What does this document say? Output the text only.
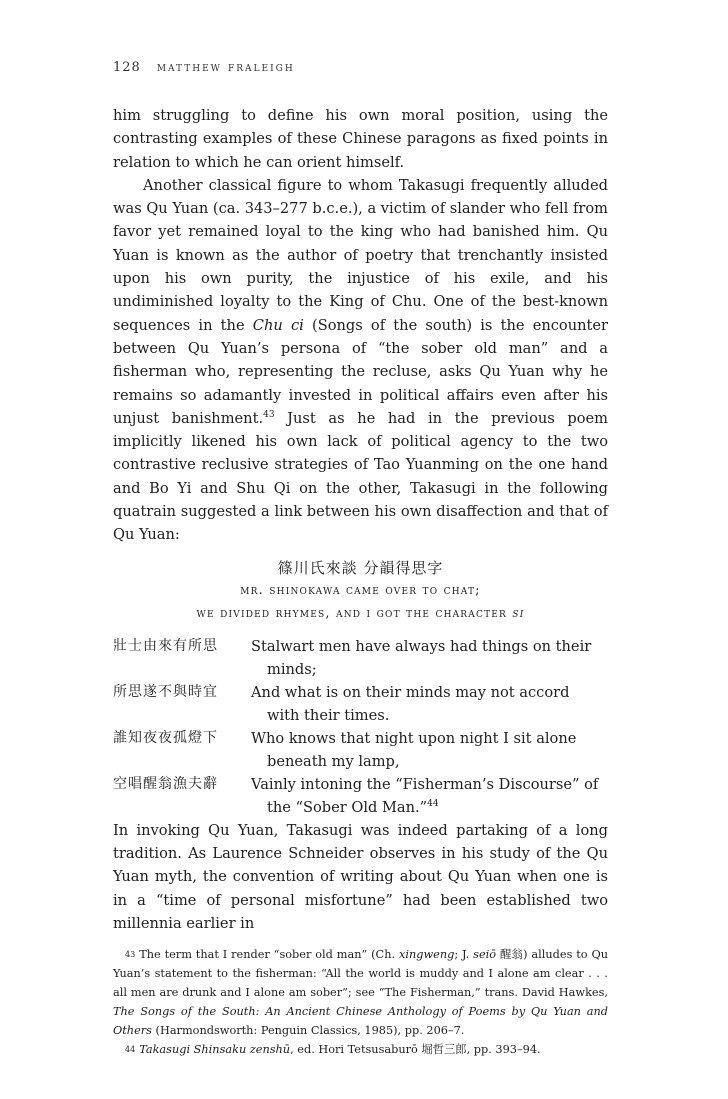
128 matthew fraleigh

him struggling to define his own moral position, using the contrasting examples of these Chinese paragons as fixed points in relation to which he can orient himself.

Another classical figure to whom Takasugi frequently alluded was Qu Yuan (ca. 343–277 b.c.e.), a victim of slander who fell from favor yet remained loyal to the king who had banished him. Qu Yuan is known as the author of poetry that trenchantly insisted upon his own purity, the injustice of his exile, and his undiminished loyalty to the King of Chu. One of the best-known sequences in the Chu ci (Songs of the south) is the encounter between Qu Yuan’s persona of “the sober old man” and a fisherman who, representing the recluse, asks Qu Yuan why he remains so adamantly invested in political affairs even after his unjust banishment.$^{43}$ Just as he had in the previous poem implicitly likened his own lack of political agency to the two contrastive reclusive strategies of Tao Yuanming on the one hand and Bo Yi and Shu Qi on the other, Takasugi in the following quatrain suggested a link between his own disaffection and that of Qu Yuan:

篠川氏來談 分韻得思字
mr. shinokawa came over to chat;
we divided rhymes, and i got the character si
壯士由來有所思	Stalwart men have always had things on their
minds;
所思遂不與時宜	And what is on their minds may not accord
with their times.
誰知夜夜孤燈下	Who knows that night upon night I sit alone
beneath my lamp,
空唱醒翁漁夫辭	Vainly intoning the “Fisherman’s Discourse” of
the “Sober Old Man.”$^{44}$

In invoking Qu Yuan, Takasugi was indeed partaking of a long tradition. As Laurence Schneider observes in his study of the Qu Yuan myth, the convention of writing about Qu Yuan when one is in a “time of personal misfortune” had been established two millennia earlier in

$^{43}$ The term that I render “sober old man” (Ch. xingweng; J. seiō 醒翁) alludes to Qu Yuan’s statement to the fisherman: “All the world is muddy and I alone am clear . . . all men are drunk and I alone am sober”; see “The Fisherman,” trans. David Hawkes, The Songs of the South: An Ancient Chinese Anthology of Poems by Qu Yuan and Others (Harmondsworth: Penguin Classics, 1985), pp. 206–7.

$^{44}$ Takasugi Shinsaku zenshū, ed. Hori Tetsusaburō 堀哲三郎, pp. 393–94.
